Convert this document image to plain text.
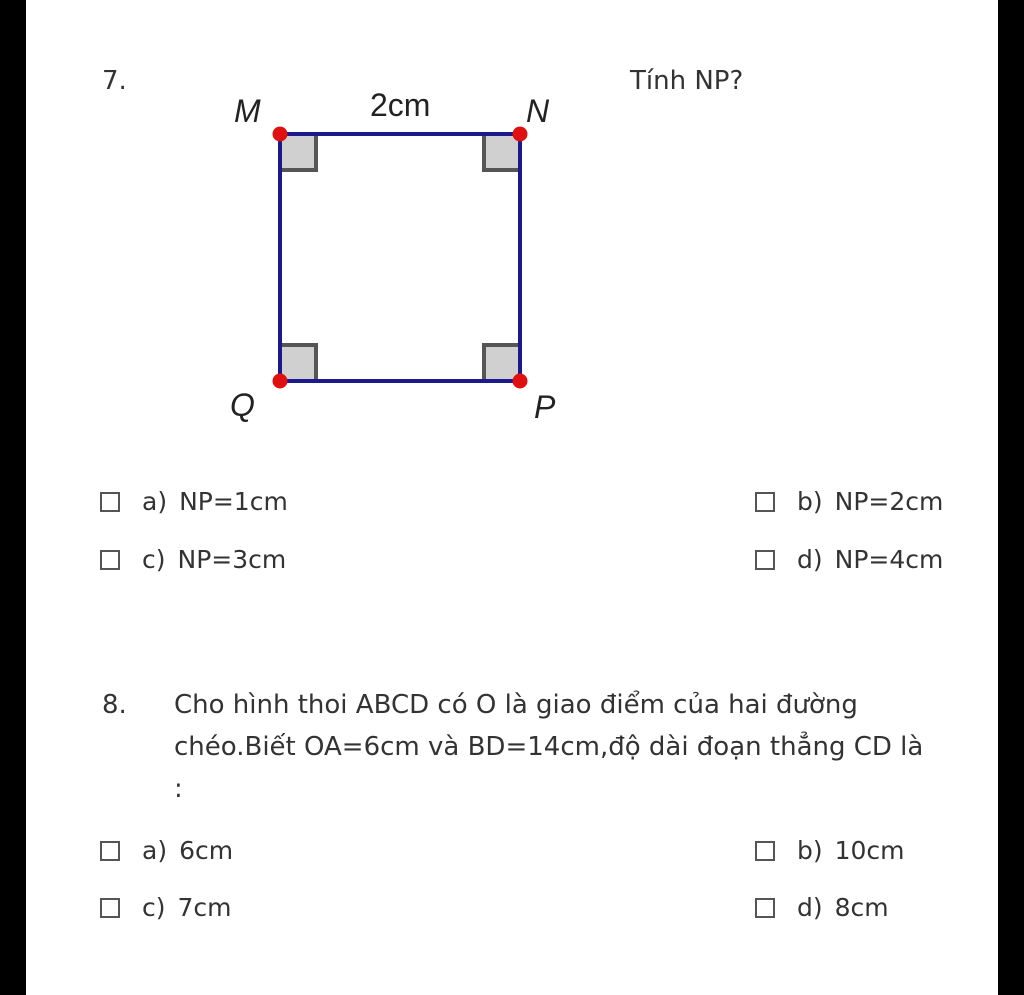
7.	Tính NP?
M	N
Q	P
2cm
a) NP=1cm	b) NP=2cm
c) NP=3cm	d) NP=4cm
8. Cho hình thoi ABCD có O là giao điểm của hai đường
chéo.Biết OA=6cm và BD=14cm,độ dài đoạn thẳng CD là
:
a) 6cm	b) 10cm
c) 7cm	d) 8cm
